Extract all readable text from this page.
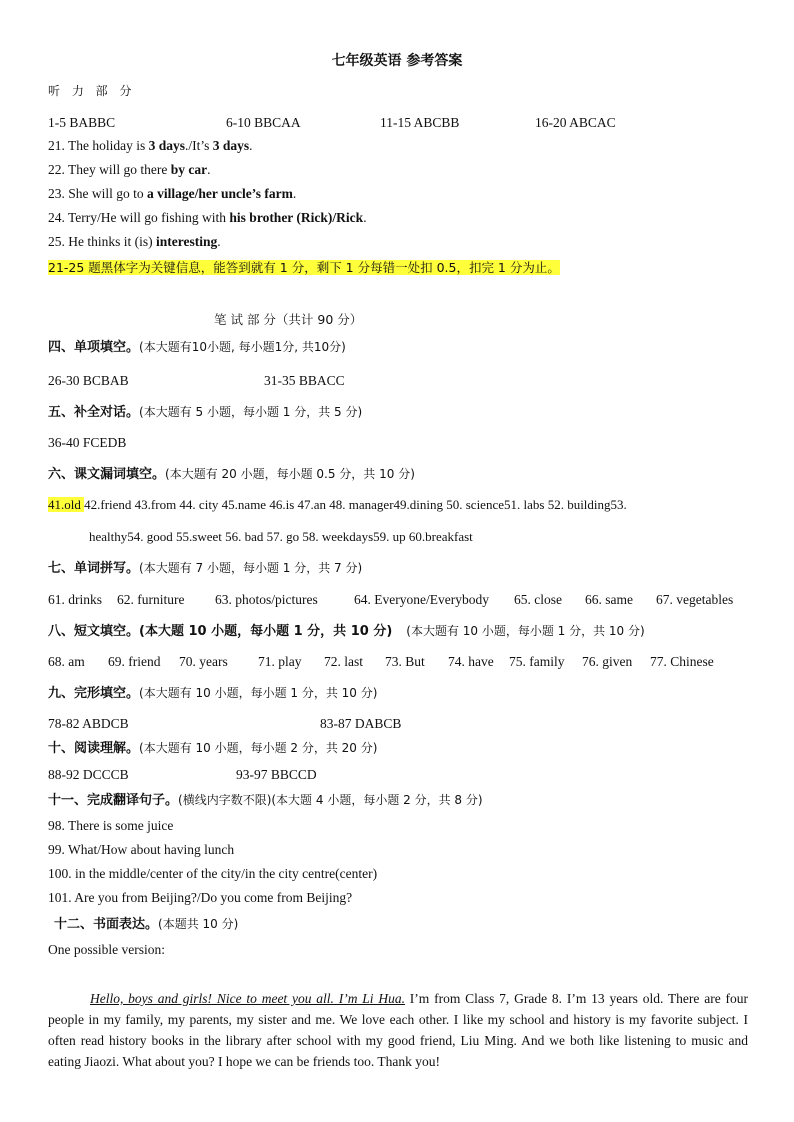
七年级英语 参考答案
听 力 部 分
1-5 BABBC	6-10 BBCAA	11-15 ABCBB	16-20 ABCAC
21. The holiday is 3 days./It’s 3 days.
22. They will go there by car.
23. She will go to a village/her uncle’s farm.
24. Terry/He will go fishing with his brother (Rick)/Rick.
25. He thinks it (is) interesting.
21-25 题黑体字为关键信息，能答到就有 1 分，剩下 1 分每错一处扣 0.5，扣完 1 分为止。
笔 试 部 分（共计 90 分）
四、单项填空。(本大题有10小题, 每小题1分, 共10分)
26-30 BCBAB	31-35 BBACC
五、补全对话。(本大题有 5 小题，每小题 1 分，共 5 分)
36-40 FCEDB
六、课文漏词填空。(本大题有 20 小题，每小题 0.5 分，共 10 分)
41.old 42.friend 43.from 44. city 45.name 46.is 47.an 48. manager49.dining 50. science51. labs 52. building53.
healthy54. good 55.sweet 56. bad 57. go 58. weekdays59. up 60.breakfast
七、单词拼写。(本大题有 7 小题，每小题 1 分，共 7 分)
61. drinks 62. furniture 63. photos/pictures	64. Everyone/Everybody 65. close 66. same 67. vegetables
八、短文填空。(本大题 10 小题，每小题 1 分，共 10 分) (本大题有 10 小题，每小题 1 分，共 10 分)
68. am 69. friend 70. years 71. play 72. last 73. But 74. have 75. family 76. given 77. Chinese
九、完形填空。(本大题有 10 小题，每小题 1 分，共 10 分)
78-82 ABDCB	83-87 DABCB
十、阅读理解。(本大题有 10 小题，每小题 2 分，共 20 分)
88-92 DCCCB	93-97 BBCCD
十一、完成翻译句子。(横线内字数不限)(本大题 4 小题，每小题 2 分，共 8 分)
98. There is some juice
99. What/How about having lunch
100. in the middle/center of the city/in the city centre(center)
101. Are you from Beijing?/Do you come from Beijing?
十二、书面表达。(本题共 10 分)
One possible version:
Hello, boys and girls! Nice to meet you all. I’m Li Hua. I’m from Class 7, Grade 8. I’m 13 years old. There are four people in my family, my parents, my sister and me. We love each other. I like my school and history is my favorite subject. I often read history books in the library after school with my good friend, Liu Ming. And we both like listening to music and eating Jiaozi. What about you? I hope we can be friends too. Thank you!
